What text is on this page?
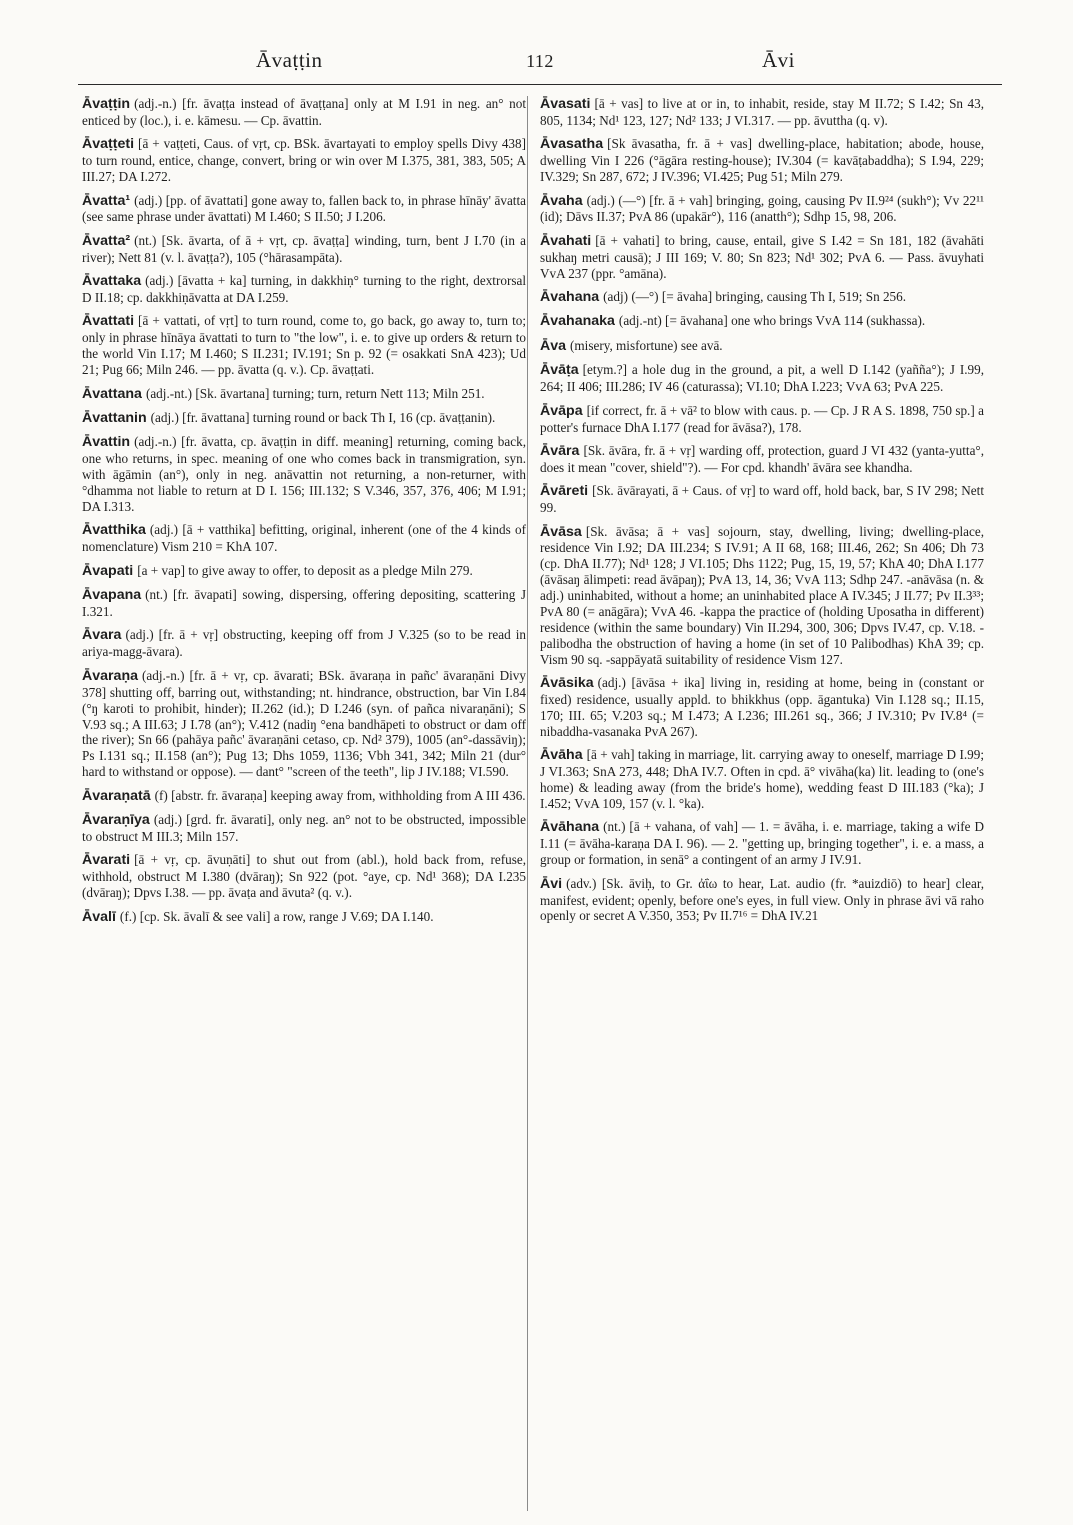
Āvaṭṭin	112	Āvi

Āvaṭṭin (adj.-n.) [fr. āvaṭṭa instead of āvaṭṭana] only at M I.91 in neg. an° not enticed by (loc.), i. e. kāmesu. — Cp. āvattin.

Āvaṭṭeti [ā + vaṭṭeti, Caus. of vṛt, cp. BSk. āvartayati to employ spells Divy 438] to turn round, entice, change, convert, bring or win over M I.375, 381, 383, 505; A III.27; DA I.272.

Āvatta¹ (adj.) [pp. of āvattati] gone away to, fallen back to, in phrase hīnāy' āvatta (see same phrase under āvattati) M I.460; S II.50; J I.206.

Āvatta² (nt.) [Sk. āvarta, of ā + vṛt, cp. āvaṭṭa] winding, turn, bent J I.70 (in a river); Nett 81 (v. l. āvaṭṭa?), 105 (°hārasampāta).

Āvattaka (adj.) [āvatta + ka] turning, in dakkhiṇ° turning to the right, dextrorsal D II.18; cp. dakkhiṇāvatta at DA I.259.

Āvattati [ā + vattati, of vṛt] to turn round, come to, go back, go away to, turn to; only in phrase hīnāya āvattati to turn to "the low", i. e. to give up orders & return to the world Vin I.17; M I.460; S II.231; IV.191; Sn p. 92 (= osakkati SnA 423); Ud 21; Pug 66; Miln 246. — pp. āvatta (q. v.). Cp. āvaṭṭati.

Āvattana (adj.-nt.) [Sk. āvartana] turning; turn, return Nett 113; Miln 251.

Āvattanin (adj.) [fr. āvattana] turning round or back Th I, 16 (cp. āvaṭṭanin).

Āvattin (adj.-n.) [fr. āvatta, cp. āvaṭṭin in diff. meaning] returning, coming back, one who returns, in spec. meaning of one who comes back in transmigration, syn. with āgāmin (an°), only in neg. anāvattin not returning, a non-returner, with °dhamma not liable to return at D I. 156; III.132; S V.346, 357, 376, 406; M I.91; DA I.313.

Āvatthika (adj.) [ā + vatthika] befitting, original, inherent (one of the 4 kinds of nomenclature) Vism 210 = KhA 107.

Āvapati [a + vap] to give away to offer, to deposit as a pledge Miln 279.

Āvapana (nt.) [fr. āvapati] sowing, dispersing, offering depositing, scattering J I.321.

Āvara (adj.) [fr. ā + vṛ] obstructing, keeping off from J V.325 (so to be read in ariya-magg-āvara).

Āvaraṇa (adj.-n.) [fr. ā + vṛ, cp. āvarati; BSk. āvaraṇa in pañc' āvaraṇāni Divy 378] shutting off, barring out, withstanding; nt. hindrance, obstruction, bar Vin I.84 (°ŋ karoti to prohibit, hinder); II.262 (id.); D I.246 (syn. of pañca nivaraṇāni); S V.93 sq.; A III.63; J I.78 (an°); V.412 (nadiŋ °ena bandhāpeti to obstruct or dam off the river); Sn 66 (pahāya pañc' āvaraṇāni cetaso, cp. Nd² 379), 1005 (an°-dassāviŋ); Ps I.131 sq.; II.158 (an°); Pug 13; Dhs 1059, 1136; Vbh 341, 342; Miln 21 (dur° hard to withstand or oppose). — dant° "screen of the teeth", lip J IV.188; VI.590.

Āvaraṇatā (f) [abstr. fr. āvaraṇa] keeping away from, withholding from A III 436.

Āvaraṇīya (adj.) [grd. fr. āvarati], only neg. an° not to be obstructed, impossible to obstruct M III.3; Miln 157.

Āvarati [ā + vṛ, cp. āvuṇāti] to shut out from (abl.), hold back from, refuse, withhold, obstruct M I.380 (dvāraŋ); Sn 922 (pot. °aye, cp. Nd¹ 368); DA I.235 (dvāraŋ); Dpvs I.38. — pp. āvaṭa and āvuta² (q. v.).

Āvalī (f.) [cp. Sk. āvalī & see vali] a row, range J V.69; DA I.140.

Āvasati [ā + vas] to live at or in, to inhabit, reside, stay M II.72; S I.42; Sn 43, 805, 1134; Nd¹ 123, 127; Nd² 133; J VI.317. — pp. āvuttha (q. v).

Āvasatha [Sk āvasatha, fr. ā + vas] dwelling-place, habitation; abode, house, dwelling Vin I 226 (°āgāra resting-house); IV.304 (= kavāṭabaddha); S I.94, 229; IV.329; Sn 287, 672; J IV.396; VI.425; Pug 51; Miln 279.

Āvaha (adj.) (—°) [fr. ā + vah] bringing, going, causing Pv II.9²⁴ (sukh°); Vv 22¹¹ (id); Dāvs II.37; PvA 86 (upakār°), 116 (anatth°); Sdhp 15, 98, 206.

Āvahati [ā + vahati] to bring, cause, entail, give S I.42 = Sn 181, 182 (āvahāti sukhaŋ metri causā); J III 169; V. 80; Sn 823; Nd¹ 302; PvA 6. — Pass. āvuyhati VvA 237 (ppr. °amāna).

Āvahana (adj) (—°) [= āvaha] bringing, causing Th I, 519; Sn 256.

Āvahanaka (adj.-nt) [= āvahana] one who brings VvA 114 (sukhassa).

Āva (misery, misfortune) see avā.

Āvāṭa [etym.?] a hole dug in the ground, a pit, a well D I.142 (yañña°); J I.99, 264; II 406; III.286; IV 46 (caturassa); VI.10; DhA I.223; VvA 63; PvA 225.

Āvāpa [if correct, fr. ā + vā² to blow with caus. p. — Cp. J R A S. 1898, 750 sp.] a potter's furnace DhA I.177 (read for āvāsa?), 178.

Āvāra [Sk. āvāra, fr. ā + vṛ] warding off, protection, guard J VI 432 (yanta-yutta°, does it mean "cover, shield"?). — For cpd. khandh' āvāra see khandha.

Āvāreti [Sk. āvārayati, ā + Caus. of vṛ] to ward off, hold back, bar, S IV 298; Nett 99.

Āvāsa [Sk. āvāsa; ā + vas] sojourn, stay, dwelling, living; dwelling-place, residence Vin I.92; DA III.234; S IV.91; A II 68, 168; III.46, 262; Sn 406; Dh 73 (cp. DhA II.77); Nd¹ 128; J VI.105; Dhs 1122; Pug, 15, 19, 57; KhA 40; DhA I.177 (āvāsaŋ ālimpeti: read āvāpaŋ); PvA 13, 14, 36; VvA 113; Sdhp 247. -anāvāsa (n. & adj.) uninhabited, without a home; an uninhabited place A IV.345; J II.77; Pv II.3³³; PvA 80 (= anāgāra); VvA 46. -kappa the practice of (holding Uposatha in different) residence (within the same boundary) Vin II.294, 300, 306; Dpvs IV.47, cp. V.18. -palibodha the obstruction of having a home (in set of 10 Palibodhas) KhA 39; cp. Vism 90 sq. -sappāyatā suitability of residence Vism 127.

Āvāsika (adj.) [āvāsa + ika] living in, residing at home, being in (constant or fixed) residence, usually appld. to bhikkhus (opp. āgantuka) Vin I.128 sq.; II.15, 170; III. 65; V.203 sq.; M I.473; A I.236; III.261 sq., 366; J IV.310; Pv IV.8⁴ (= nibaddha-vasanaka PvA 267).

Āvāha [ā + vah] taking in marriage, lit. carrying away to oneself, marriage D I.99; J VI.363; SnA 273, 448; DhA IV.7. Often in cpd. ā° vivāha(ka) lit. leading to (one's home) & leading away (from the bride's home), wedding feast D III.183 (°ka); J I.452; VvA 109, 157 (v. l. °ka).

Āvāhana (nt.) [ā + vahana, of vah] — 1. = āvāha, i. e. marriage, taking a wife D I.11 (= āvāha-karaṇa DA I. 96). — 2. "getting up, bringing together", i. e. a mass, a group or formation, in senā° a contingent of an army J IV.91.

Āvi (adv.) [Sk. āviḥ, to Gr. ἀΐω to hear, Lat. audio (fr. *auizdiō) to hear] clear, manifest, evident; openly, before one's eyes, in full view. Only in phrase āvi vā raho openly or secret A V.350, 353; Pv II.7¹⁶ = DhA IV.21
